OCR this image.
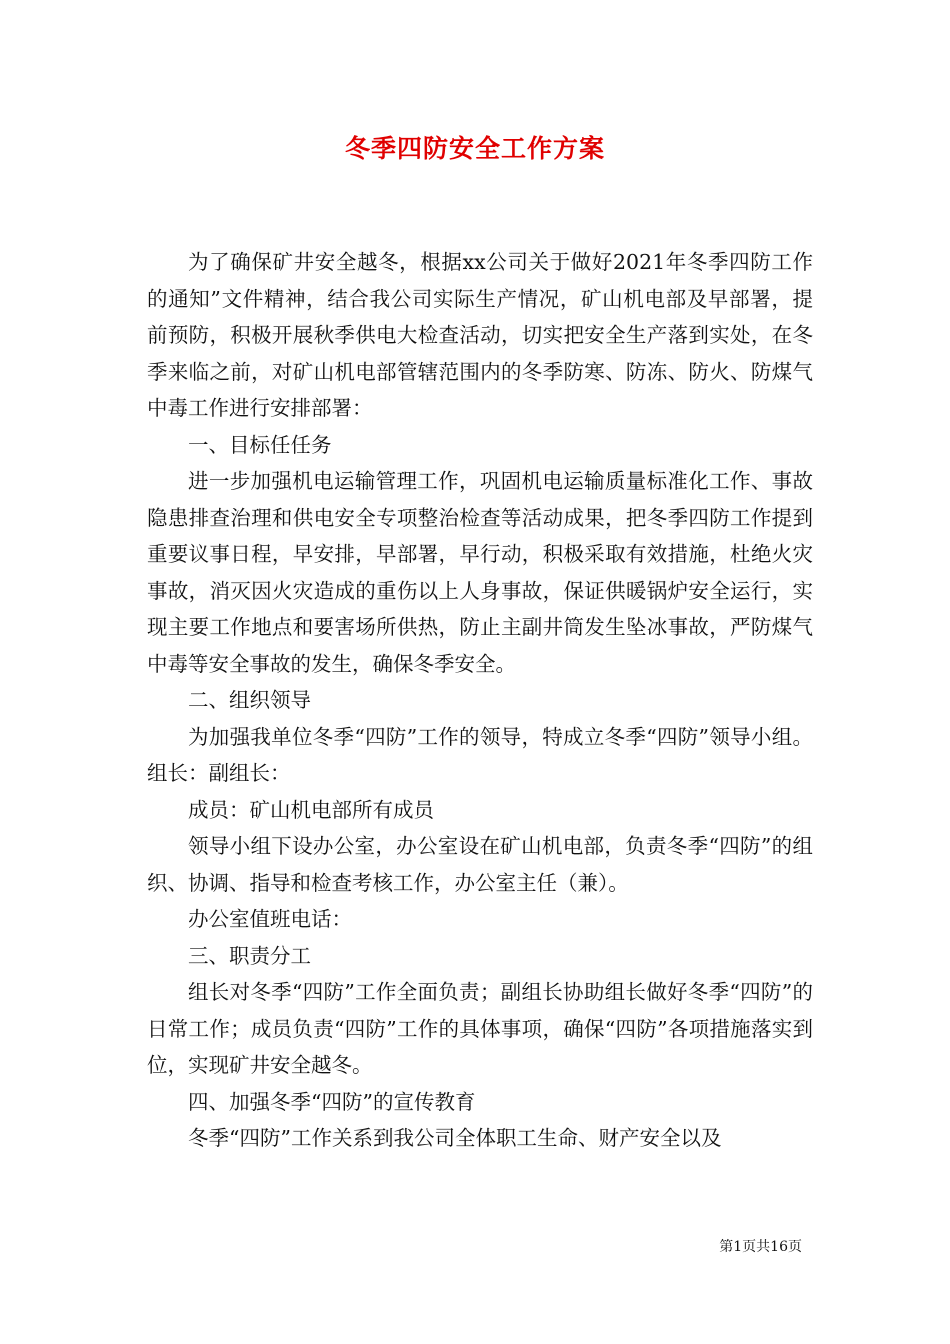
冬季四防安全工作方案

为了确保矿井安全越冬，根据xx公司关于做好2021年冬季四防工作的通知”文件精神，结合我公司实际生产情况，矿山机电部及早部署，提前预防，积极开展秋季供电大检查活动，切实把安全生产落到实处，在冬季来临之前，对矿山机电部管辖范围内的冬季防寒、防冻、防火、防煤气中毒工作进行安排部署：

一、目标任任务

进一步加强机电运输管理工作，巩固机电运输质量标准化工作、事故隐患排查治理和供电安全专项整治检查等活动成果，把冬季四防工作提到重要议事日程，早安排，早部署，早行动，积极采取有效措施，杜绝火灾事故，消灭因火灾造成的重伤以上人身事故，保证供暖锅炉安全运行，实现主要工作地点和要害场所供热，防止主副井筒发生坠冰事故，严防煤气中毒等安全事故的发生，确保冬季安全。

二、组织领导

为加强我单位冬季“四防”工作的领导，特成立冬季“四防”领导小组。组长：副组长：

成员：矿山机电部所有成员

领导小组下设办公室，办公室设在矿山机电部，负责冬季“四防”的组织、协调、指导和检查考核工作，办公室主任（兼）。

办公室值班电话：

三、职责分工

组长对冬季“四防”工作全面负责；副组长协助组长做好冬季“四防”的日常工作；成员负责“四防”工作的具体事项，确保“四防”各项措施落实到位，实现矿井安全越冬。

四、加强冬季“四防”的宣传教育

冬季“四防”工作关系到我公司全体职工生命、财产安全以及

第1页共16页
